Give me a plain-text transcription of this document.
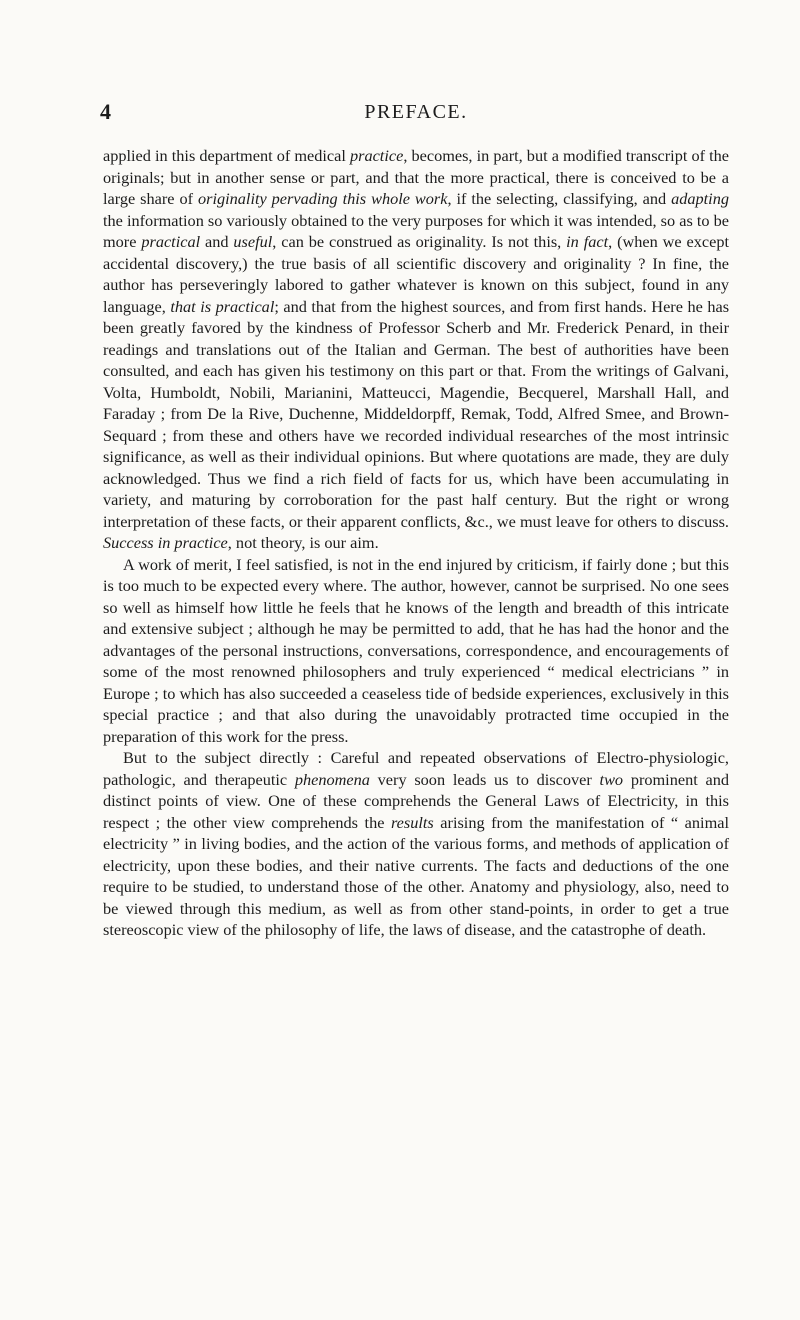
4	PREFACE.

applied in this department of medical practice, becomes, in part, but a modified transcript of the originals; but in another sense or part, and that the more practical, there is conceived to be a large share of originality pervading this whole work, if the selecting, classifying, and adapting the information so variously obtained to the very purposes for which it was intended, so as to be more practical and useful, can be construed as originality. Is not this, in fact, (when we except accidental discovery,) the true basis of all scientific discovery and originality ? In fine, the author has perseveringly labored to gather whatever is known on this subject, found in any language, that is practical; and that from the highest sources, and from first hands. Here he has been greatly favored by the kindness of Professor Scherb and Mr. Frederick Penard, in their readings and translations out of the Italian and German. The best of authorities have been consulted, and each has given his testimony on this part or that. From the writings of Galvani, Volta, Humboldt, Nobili, Marianini, Matteucci, Magendie, Becquerel, Marshall Hall, and Faraday ; from De la Rive, Duchenne, Middeldorpff, Remak, Todd, Alfred Smee, and Brown-Sequard ; from these and others have we recorded individual researches of the most intrinsic significance, as well as their individual opinions. But where quotations are made, they are duly acknowledged. Thus we find a rich field of facts for us, which have been accumulating in variety, and maturing by corroboration for the past half century. But the right or wrong interpretation of these facts, or their apparent conflicts, &c., we must leave for others to discuss. Success in practice, not theory, is our aim.

A work of merit, I feel satisfied, is not in the end injured by criticism, if fairly done ; but this is too much to be expected every where. The author, however, cannot be surprised. No one sees so well as himself how little he feels that he knows of the length and breadth of this intricate and extensive subject ; although he may be permitted to add, that he has had the honor and the advantages of the personal instructions, conversations, correspondence, and encouragements of some of the most renowned philosophers and truly experienced “ medical electricians ” in Europe ; to which has also succeeded a ceaseless tide of bedside experiences, exclusively in this special practice ; and that also during the unavoidably protracted time occupied in the preparation of this work for the press.

But to the subject directly : Careful and repeated observations of Electro-physiologic, pathologic, and therapeutic phenomena very soon leads us to discover two prominent and distinct points of view. One of these comprehends the General Laws of Electricity, in this respect ; the other view comprehends the results arising from the manifestation of “ animal electricity ” in living bodies, and the action of the various forms, and methods of application of electricity, upon these bodies, and their native currents. The facts and deductions of the one require to be studied, to understand those of the other. Anatomy and physiology, also, need to be viewed through this medium, as well as from other stand-points, in order to get a true stereoscopic view of the philosophy of life, the laws of disease, and the catastrophe of death.
